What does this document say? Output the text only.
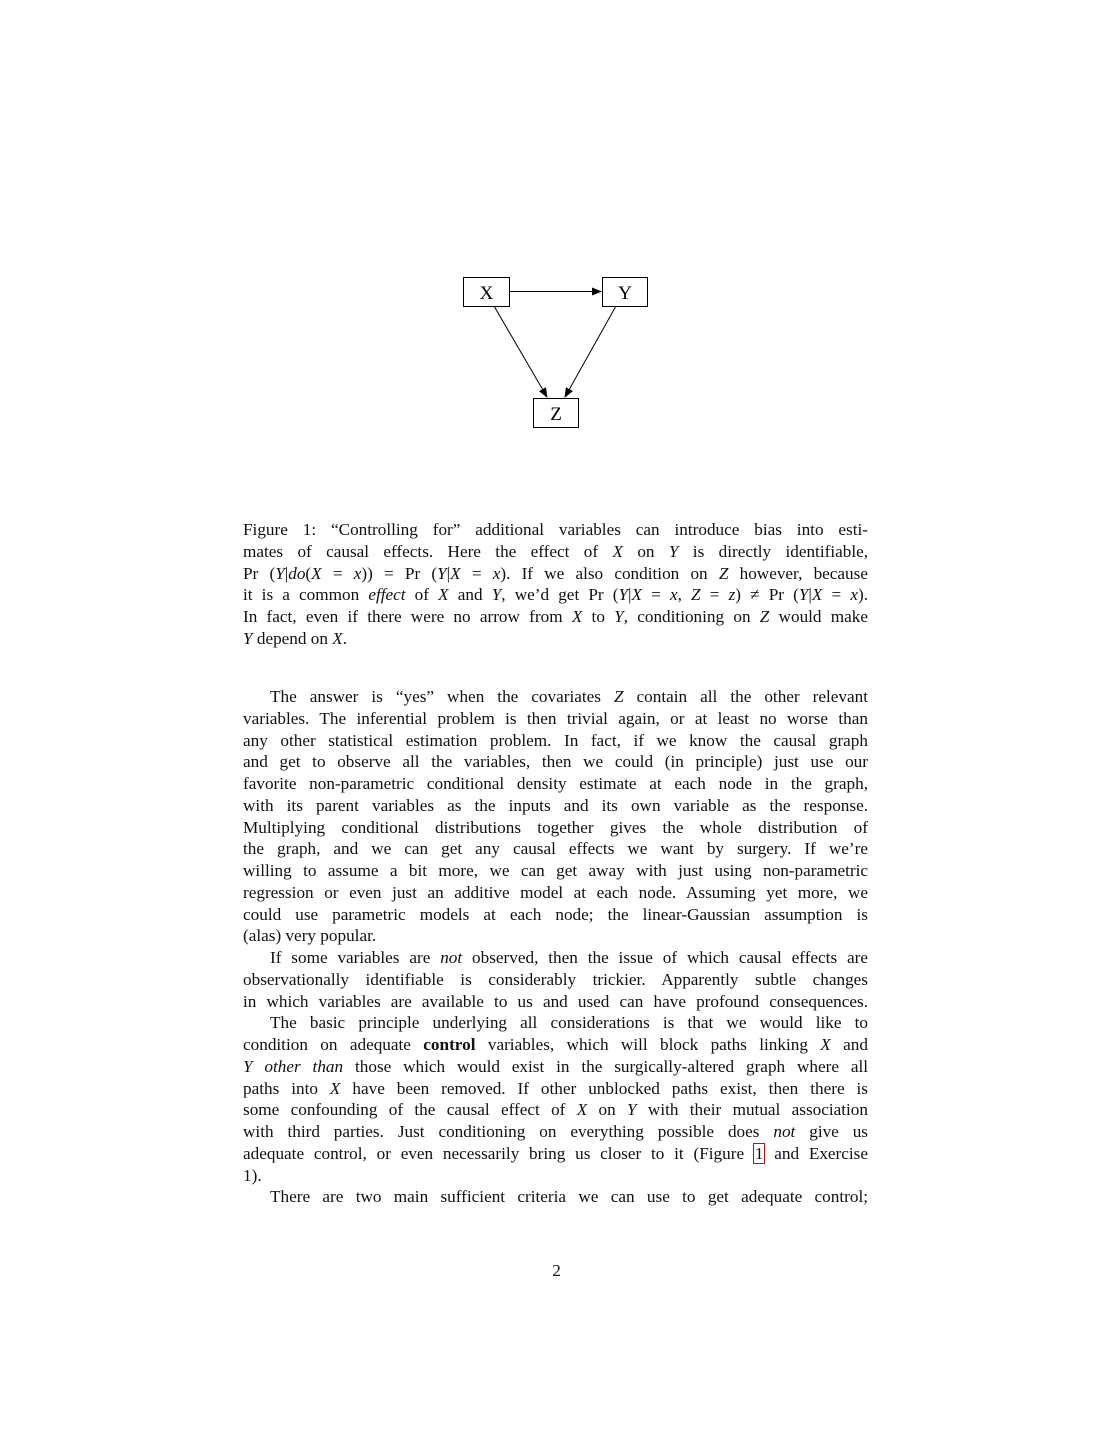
X	Y
Z
Figure 1: “Controlling for” additional variables can introduce bias into esti-
mates of causal effects. Here the effect of X on Y is directly identifiable,
Pr (Y|do(X = x)) = Pr (Y|X = x). If we also condition on Z however, because
it is a common effect of X and Y, we’d get Pr (Y|X = x, Z = z) ≠ Pr (Y|X = x).
In fact, even if there were no arrow from X to Y, conditioning on Z would make
Y depend on X.
The answer is “yes” when the covariates Z contain all the other relevant
variables. The inferential problem is then trivial again, or at least no worse than
any other statistical estimation problem. In fact, if we know the causal graph
and get to observe all the variables, then we could (in principle) just use our
favorite non-parametric conditional density estimate at each node in the graph,
with its parent variables as the inputs and its own variable as the response.
Multiplying conditional distributions together gives the whole distribution of
the graph, and we can get any causal effects we want by surgery. If we’re
willing to assume a bit more, we can get away with just using non-parametric
regression or even just an additive model at each node. Assuming yet more, we
could use parametric models at each node; the linear-Gaussian assumption is
(alas) very popular.
If some variables are not observed, then the issue of which causal effects are
observationally identifiable is considerably trickier. Apparently subtle changes
in which variables are available to us and used can have profound consequences.
The basic principle underlying all considerations is that we would like to
condition on adequate control variables, which will block paths linking X and
Y other than those which would exist in the surgically-altered graph where all
paths into X have been removed. If other unblocked paths exist, then there is
some confounding of the causal effect of X on Y with their mutual association
with third parties. Just conditioning on everything possible does not give us
adequate control, or even necessarily bring us closer to it (Figure 1 and Exercise
1).
There are two main sufficient criteria we can use to get adequate control;
2
